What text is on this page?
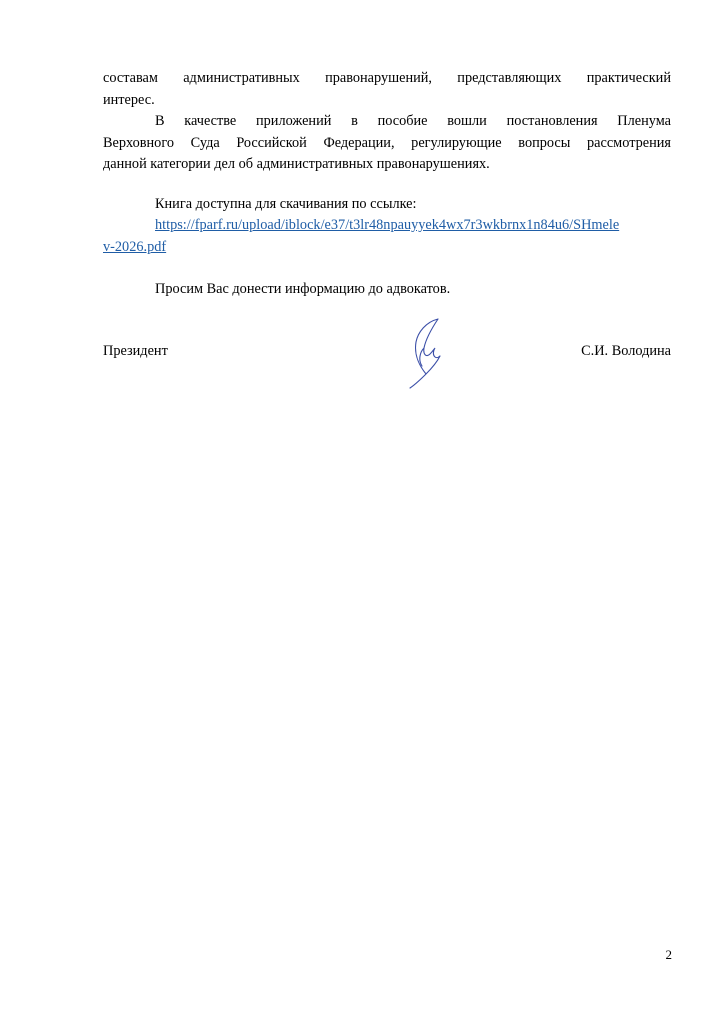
составам административных правонарушений, представляющих практический
интерес.
В качестве приложений в пособие вошли постановления Пленума
Верховного Суда Российской Федерации, регулирующие вопросы рассмотрения
данной категории дел об административных правонарушениях.
Книга доступна для скачивания по ссылке:
https://fparf.ru/upload/iblock/e37/t3lr48npauyyek4wx7r3wkbrnx1n84u6/SHmele
v-2026.pdf
Просим Вас донести информацию до адвокатов.
Президент	С.И. Володина
2
